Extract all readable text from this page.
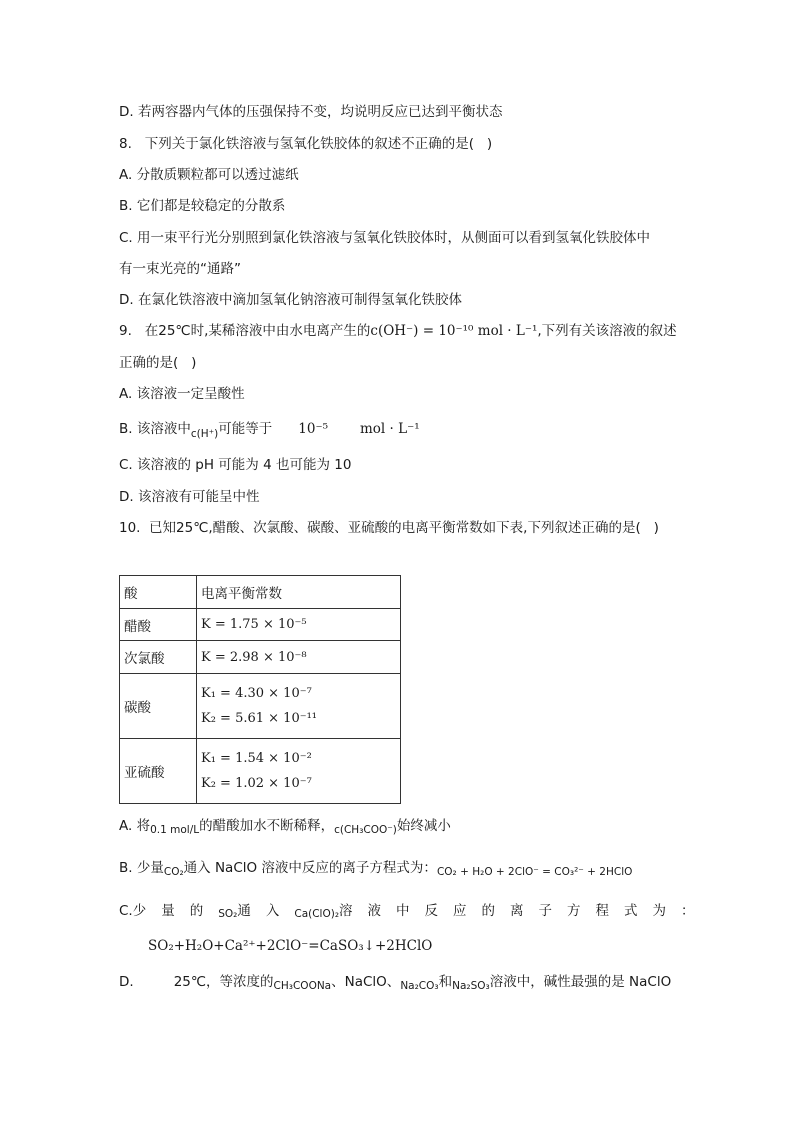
D. 若两容器内气体的压强保持不变，均说明反应已达到平衡状态
8.   下列关于氯化铁溶液与氢氧化铁胶体的叙述不正确的是(   )
A. 分散质颗粒都可以透过滤纸
B. 它们都是较稳定的分散系
C. 用一束平行光分别照到氯化铁溶液与氢氧化铁胶体时，从侧面可以看到氢氧化铁胶体中
有一束光亮的“通路”
D. 在氯化铁溶液中滴加氢氧化钠溶液可制得氢氧化铁胶体
9.   在25℃时,某稀溶液中由水电离产生的c(OH⁻) = 10⁻¹⁰ mol · L⁻¹,下列有关该溶液的叙述
正确的是(   )
A. 该溶液一定呈酸性
B. 该溶液中$_{c(H^+)}$可能等于 10⁻⁵ mol · L⁻¹
C. 该溶液的 pH 可能为 4 也可能为 10
D. 该溶液有可能呈中性
10.  已知25℃,醋酸、次氯酸、碳酸、亚硫酸的电离平衡常数如下表,下列叙述正确的是(   )
酸	电离平衡常数
醋酸	K = 1.75 × 10⁻⁵
次氯酸	K = 2.98 × 10⁻⁸
碳酸	K₁ = 4.30 × 10⁻⁷
K₂ = 5.61 × 10⁻¹¹

亚硫酸	K₁ = 1.54 × 10⁻²
K₂ = 1.02 × 10⁻⁷
A. 将$_{0.1 mol/L}$的醋酸加水不断稀释，$_{c(CH_3COO^-)}$始终减小
B. 少量$_{CO_2}$通入 NaClO 溶液中反应的离子方程式为：$_{CO_2 + H_2O + 2ClO^- = CO_3^{2-} + 2HClO}$
C. 少量的 SO₂ 通入 Ca(ClO)₂ 溶液中反应的离子方程式为：
SO₂+H₂O+Ca²⁺+2ClO⁻=CaSO₃↓+2HClO
D.	25℃，等浓度的$_{CH_3COONa}$、NaClO、$_{Na_2CO_3}$和$_{Na_2SO_3}$溶液中，碱性最强的是 NaClO
